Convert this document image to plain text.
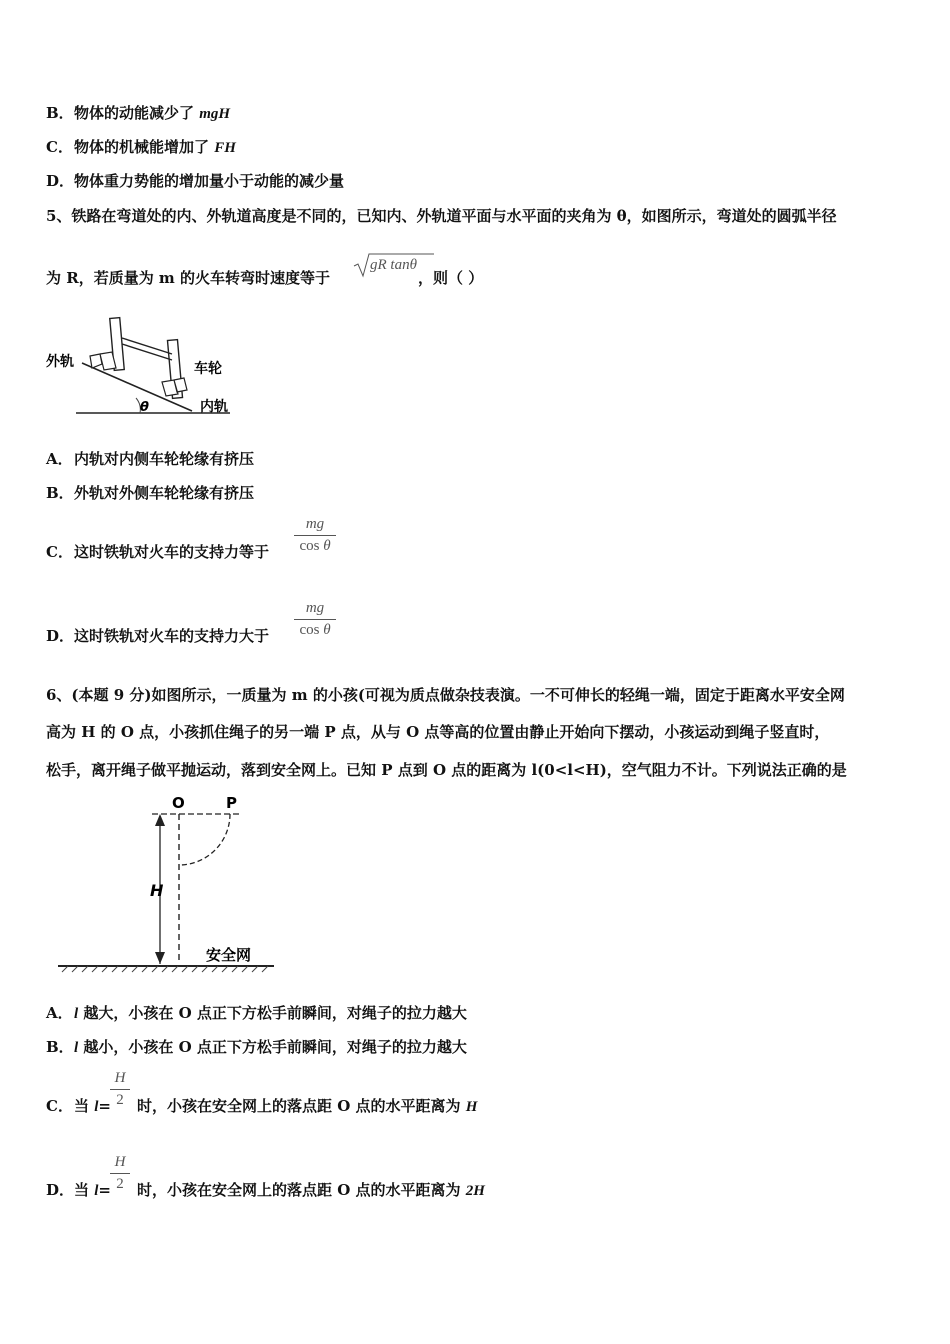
B．物体的动能减少了 mgH
C．物体的机械能增加了 FH
D．物体重力势能的增加量小于动能的减少量
5、铁路在弯道处的内、外轨道高度是不同的，已知内、外轨道平面与水平面的夹角为 θ，如图所示，弯道处的圆弧半径
为 R，若质量为 m 的火车转弯时速度等于	，则（ ）
gR tanθ
外轨	车轮
内轨
θ
A．内轨对内侧车轮轮缘有挤压
B．外轨对外侧车轮轮缘有挤压
C．这时铁轨对火车的支持力等于
mg
cos θ
D．这时铁轨对火车的支持力大于
mg
cos θ
6、(本题 9 分)如图所示，一质量为 m 的小孩(可视为质点做杂技表演。一不可伸长的轻绳一端，固定于距离水平安全网
高为 H 的 O 点，小孩抓住绳子的另一端 P 点，从与 O 点等高的位置由静止开始向下摆动，小孩运动到绳子竖直时，
松手，离开绳子做平抛运动，落到安全网上。已知 P 点到 O 点的距离为 l(0<l<H)，空气阻力不计。下列说法正确的是
O	P
H
安全网
A．l 越大，小孩在 O 点正下方松手前瞬间，对绳子的拉力越大
B．l 越小，小孩在 O 点正下方松手前瞬间，对绳子的拉力越大
C．当 l= 时，小孩在安全网上的落点距 O 点的水平距离为 H
H
2
D．当 l= 时，小孩在安全网上的落点距 O 点的水平距离为 2H
H
2
